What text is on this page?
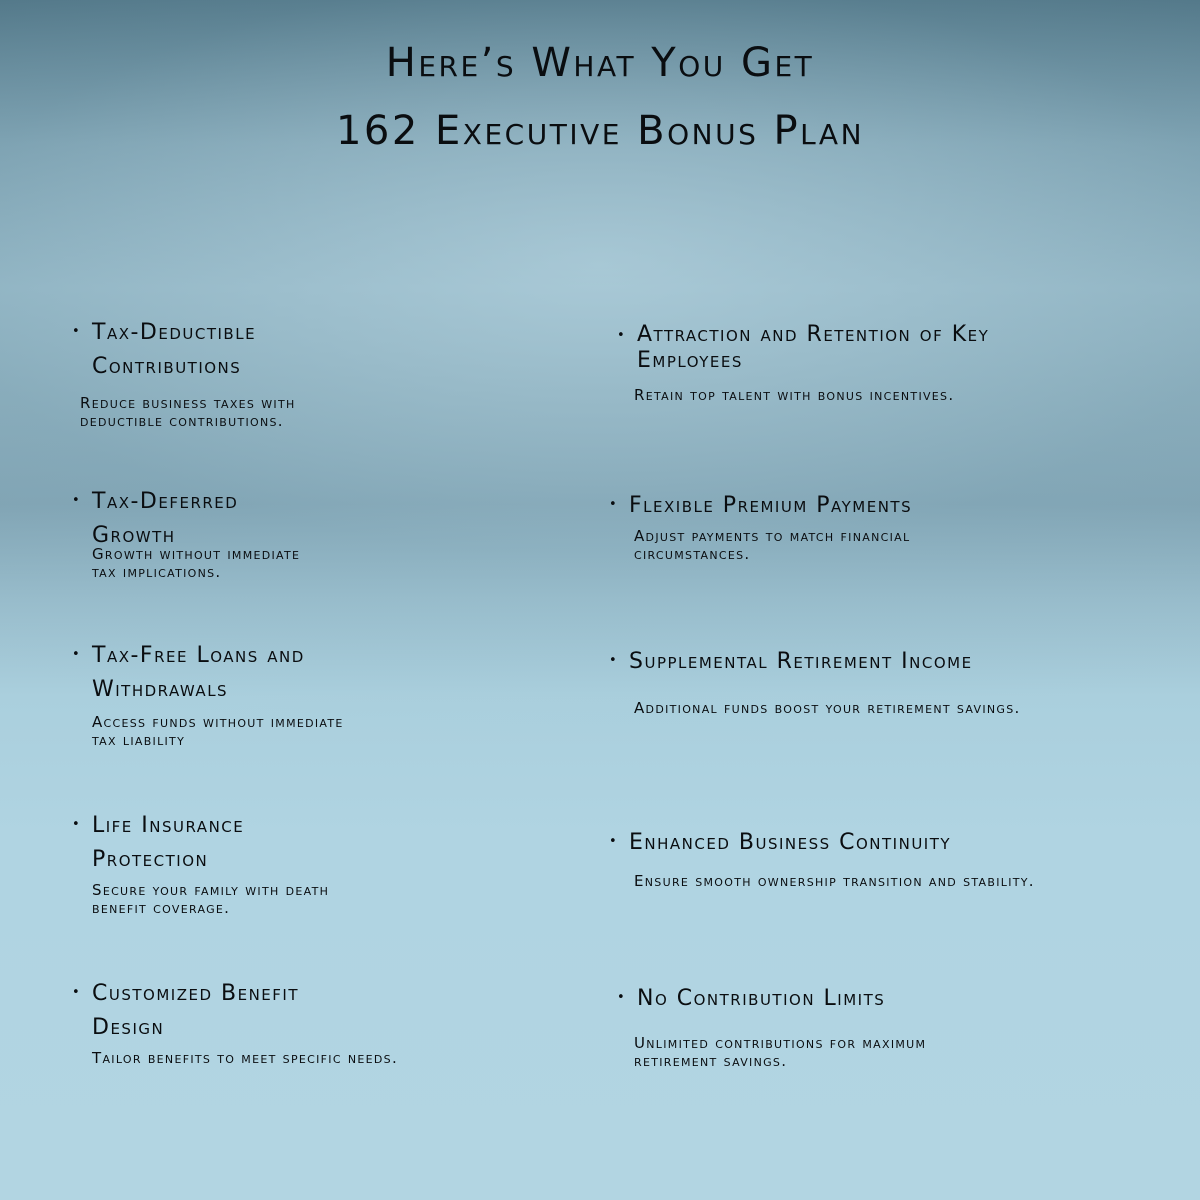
Here’s What You Get
162 Executive Bonus Plan
• Tax-Deductible
Contributions
Reduce business taxes with
deductible contributions.
• Tax-Deferred
Growth
Growth without immediate
tax implications.
• Tax-Free Loans and
Withdrawals
Access funds without immediate
tax liability
• Life Insurance
Protection
Secure your family with death
benefit coverage.
• Customized Benefit
Design
Tailor benefits to meet specific needs.
• Attraction and Retention of Key
Employees
Retain top talent with bonus incentives.
• Flexible Premium Payments
Adjust payments to match financial
circumstances.
• Supplemental Retirement Income
Additional funds boost your retirement savings.
• Enhanced Business Continuity
Ensure smooth ownership transition and stability.
• No Contribution Limits
Unlimited contributions for maximum
retirement savings.
